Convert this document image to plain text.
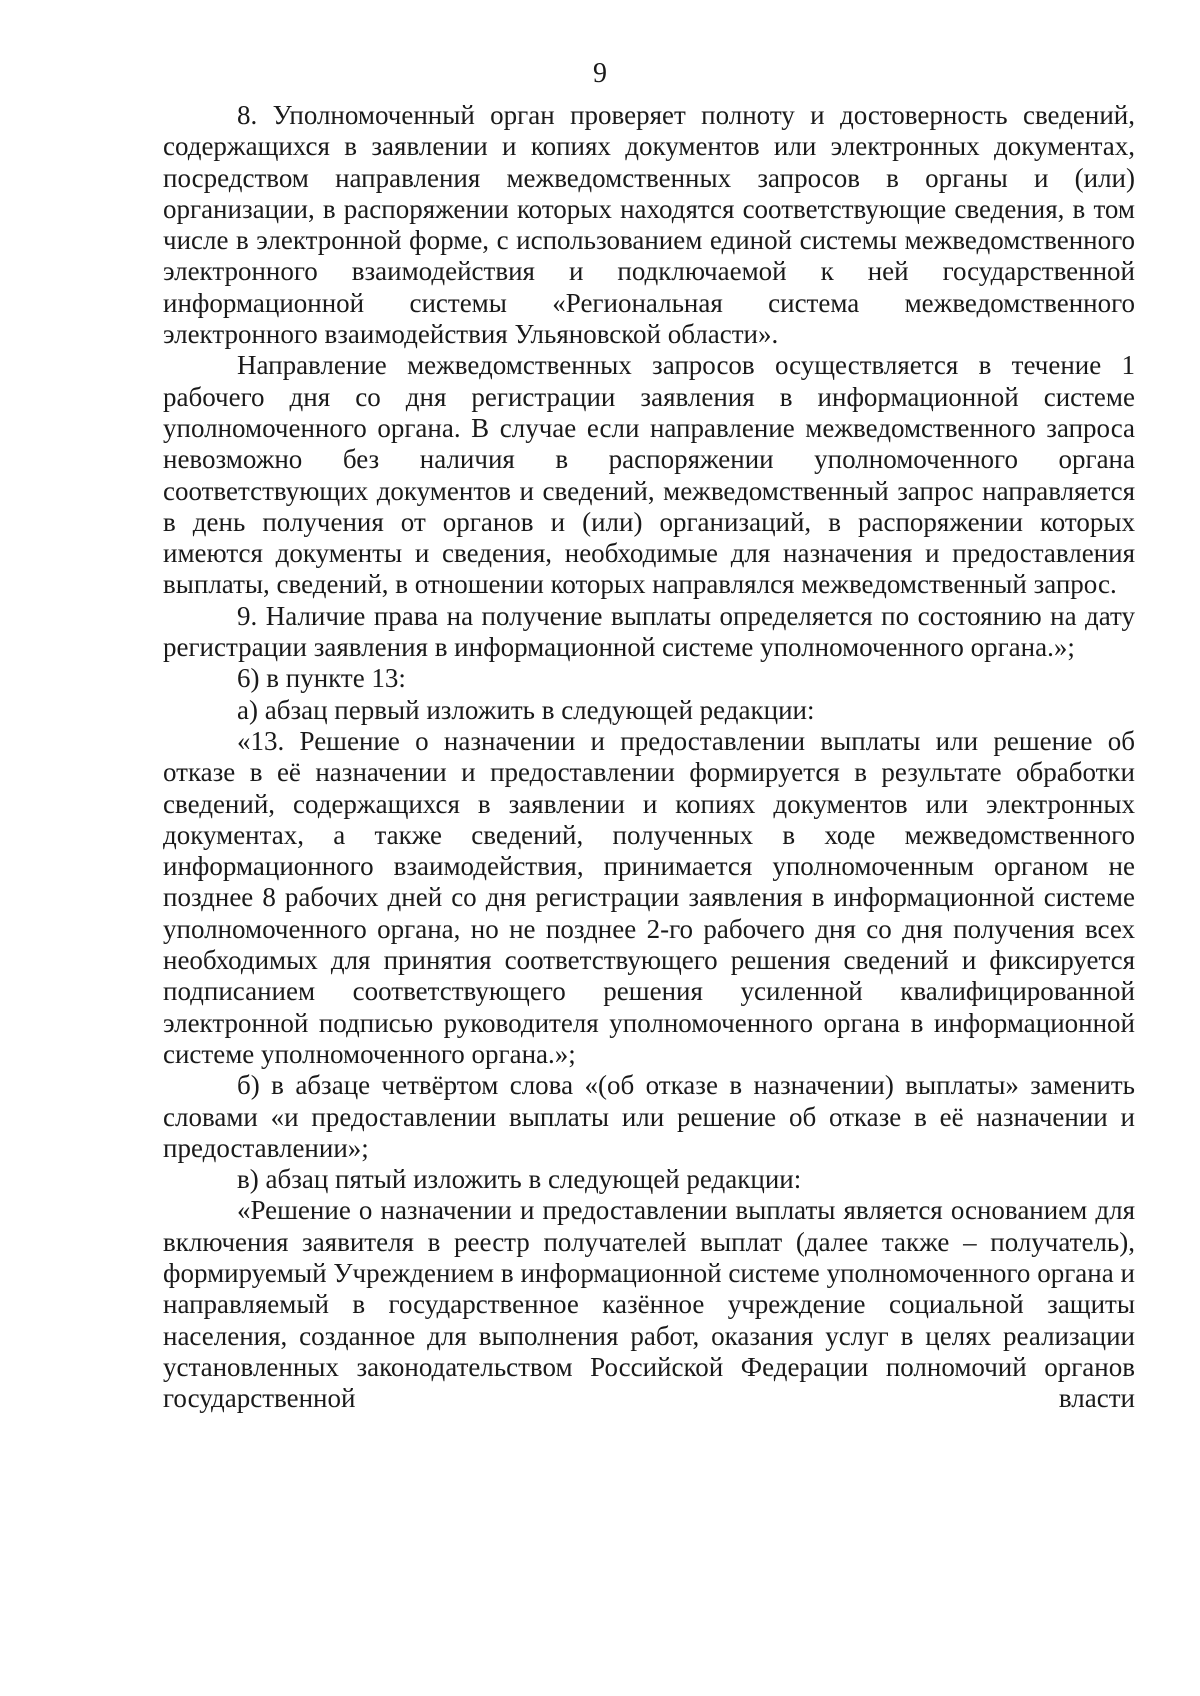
9

8. Уполномоченный орган проверяет полноту и достоверность сведений, содержащихся в заявлении и копиях документов или электронных документах, посредством направления межведомственных запросов в органы и (или) организации, в распоряжении которых находятся соответствующие сведения, в том числе в электронной форме, с использованием единой системы межведомственного электронного взаимодействия и подключаемой к ней государственной информационной системы «Региональная система межведомственного электронного взаимодействия Ульяновской области».

Направление межведомственных запросов осуществляется в течение 1 рабочего дня со дня регистрации заявления в информационной системе уполномоченного органа. В случае если направление межведомственного запроса невозможно без наличия в распоряжении уполномоченного органа соответствующих документов и сведений, межведомственный запрос направляется в день получения от органов и (или) организаций, в распоряжении которых имеются документы и сведения, необходимые для назначения и предоставления выплаты, сведений, в отношении которых направлялся межведомственный запрос.

9. Наличие права на получение выплаты определяется по состоянию на дату регистрации заявления в информационной системе уполномоченного органа.»;

6) в пункте 13:

а) абзац первый изложить в следующей редакции:

«13. Решение о назначении и предоставлении выплаты или решение об отказе в её назначении и предоставлении формируется в результате обработки сведений, содержащихся в заявлении и копиях документов или электронных документах, а также сведений, полученных в ходе межведомственного информационного взаимодействия, принимается уполномоченным органом не позднее 8 рабочих дней со дня регистрации заявления в информационной системе уполномоченного органа, но не позднее 2-го рабочего дня со дня получения всех необходимых для принятия соответствующего решения сведений и фиксируется подписанием соответствующего решения усиленной квалифицированной электронной подписью руководителя уполномоченного органа в информационной системе уполномоченного органа.»;

б) в абзаце четвёртом слова «(об отказе в назначении) выплаты» заменить словами «и предоставлении выплаты или решение об отказе в её назначении и предоставлении»;

в) абзац пятый изложить в следующей редакции:

«Решение о назначении и предоставлении выплаты является основанием для включения заявителя в реестр получателей выплат (далее также – получатель), формируемый Учреждением в информационной системе уполномоченного органа и направляемый в государственное казённое учреждение социальной защиты населения, созданное для выполнения работ, оказания услуг в целях реализации установленных законодательством Российской Федерации полномочий органов государственной власти
